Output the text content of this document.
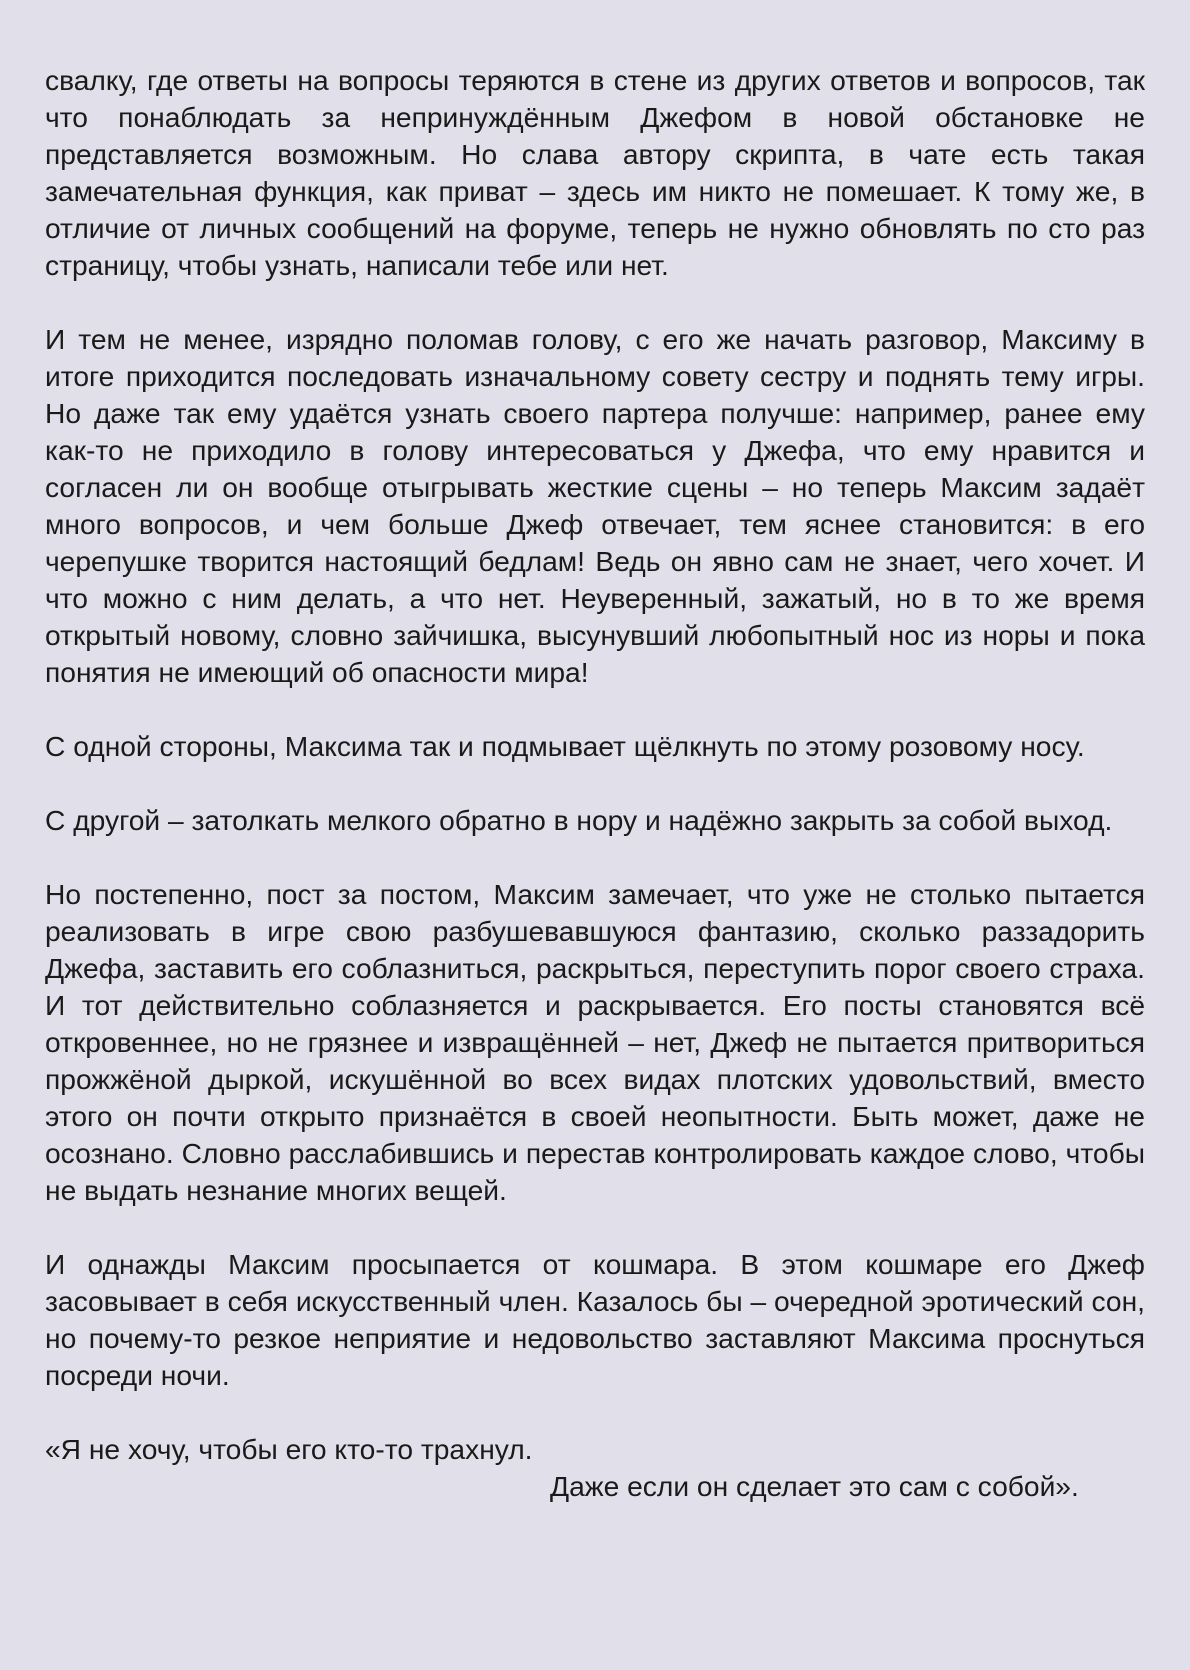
свалку, где ответы на вопросы теряются в стене из других ответов и вопросов, так что понаблюдать за непринуждённым Джефом в новой обстановке не представляется возможным. Но слава автору скрипта, в чате есть такая замечательная функция, как приват – здесь им никто не помешает. К тому же, в отличие от личных сообщений на форуме, теперь не нужно обновлять по сто раз страницу, чтобы узнать, написали тебе или нет.

И тем не менее, изрядно поломав голову, с его же начать разговор, Максиму в итоге приходится последовать изначальному совету сестру и поднять тему игры. Но даже так ему удаётся узнать своего партера получше: например, ранее ему как-то не приходило в голову интересоваться у Джефа, что ему нравится и согласен ли он вообще отыгрывать жесткие сцены – но теперь Максим задаёт много вопросов, и чем больше Джеф отвечает, тем яснее становится: в его черепушке творится настоящий бедлам! Ведь он явно сам не знает, чего хочет. И что можно с ним делать, а что нет. Неуверенный, зажатый, но в то же время открытый новому, словно зайчишка, высунувший любопытный нос из норы и пока понятия не имеющий об опасности мира!

С одной стороны, Максима так и подмывает щёлкнуть по этому розовому носу.

С другой – затолкать мелкого обратно в нору и надёжно закрыть за собой выход.

Но постепенно, пост за постом, Максим замечает, что уже не столько пытается реализовать в игре свою разбушевавшуюся фантазию, сколько раззадорить Джефа, заставить его соблазниться, раскрыться, переступить порог своего страха. И тот действительно соблазняется и раскрывается. Его посты становятся всё откровеннее, но не грязнее и извращённей – нет, Джеф не пытается притвориться прожжёной дыркой, искушённой во всех видах плотских удовольствий, вместо этого он почти открыто признаётся в своей неопытности. Быть может, даже не осознано. Словно расслабившись и перестав контролировать каждое слово, чтобы не выдать незнание многих вещей.

И однажды Максим просыпается от кошмара. В этом кошмаре его Джеф засовывает в себя искусственный член. Казалось бы – очередной эротический сон, но почему-то резкое неприятие и недовольство заставляют Максима проснуться посреди ночи.

«Я не хочу, чтобы его кто-то трахнул.

Даже если он сделает это сам с собой».
